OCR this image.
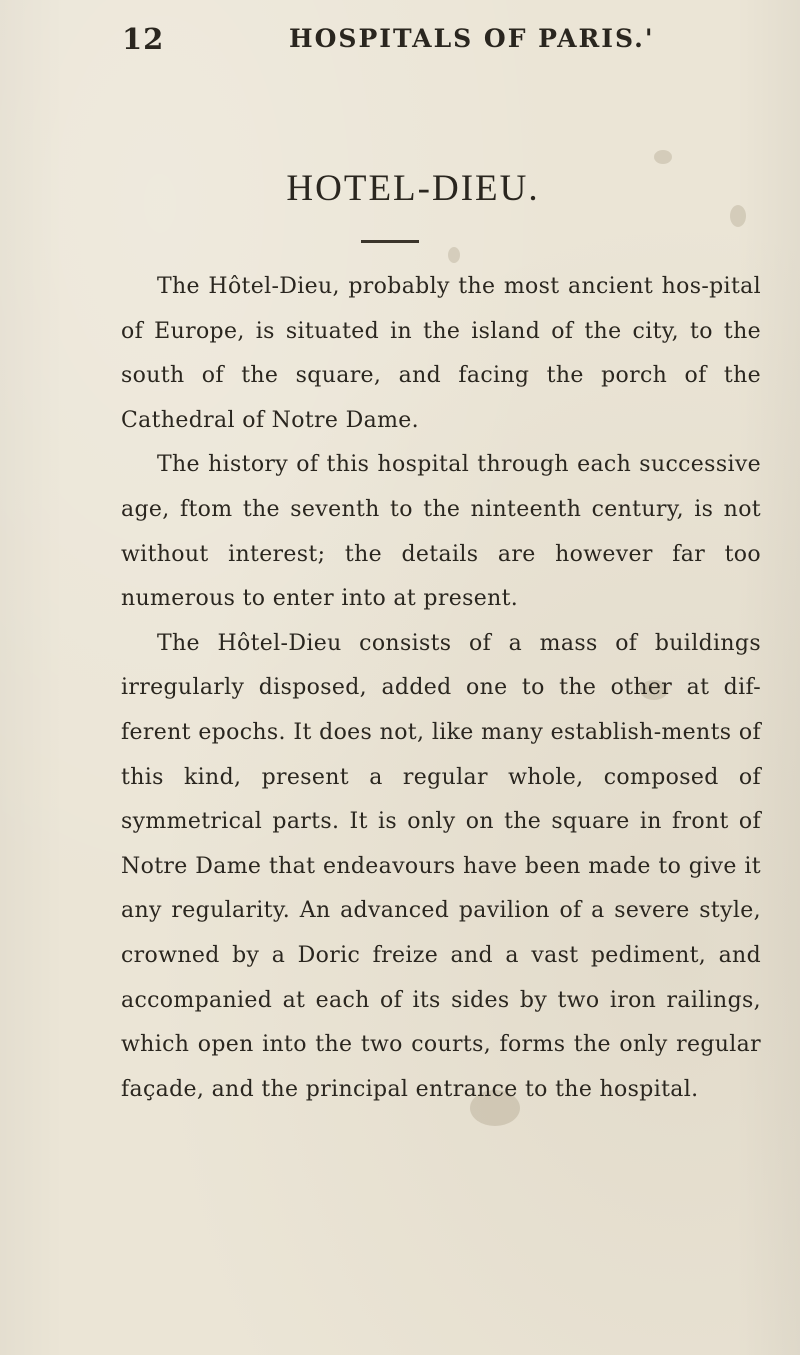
12	HOSPITALS OF PARIS.'
HOTEL-DIEU.

The Hôtel-Dieu, probably the most ancient hos-pital of Europe, is situated in the island of the city, to the south of the square, and facing the porch of the Cathedral of Notre Dame.

The history of this hospital through each successive age, ftom the seventh to the ninteenth century, is not without interest; the details are however far too numerous to enter into at present.

The Hôtel-Dieu consists of a mass of buildings irregularly disposed, added one to the other at dif-ferent epochs. It does not, like many establish-ments of this kind, present a regular whole, composed of symmetrical parts. It is only on the square in front of Notre Dame that endeavours have been made to give it any regularity. An advanced pavilion of a severe style, crowned by a Doric freize and a vast pediment, and accompanied at each of its sides by two iron railings, which open into the two courts, forms the only regular façade, and the principal entrance to the hospital.
